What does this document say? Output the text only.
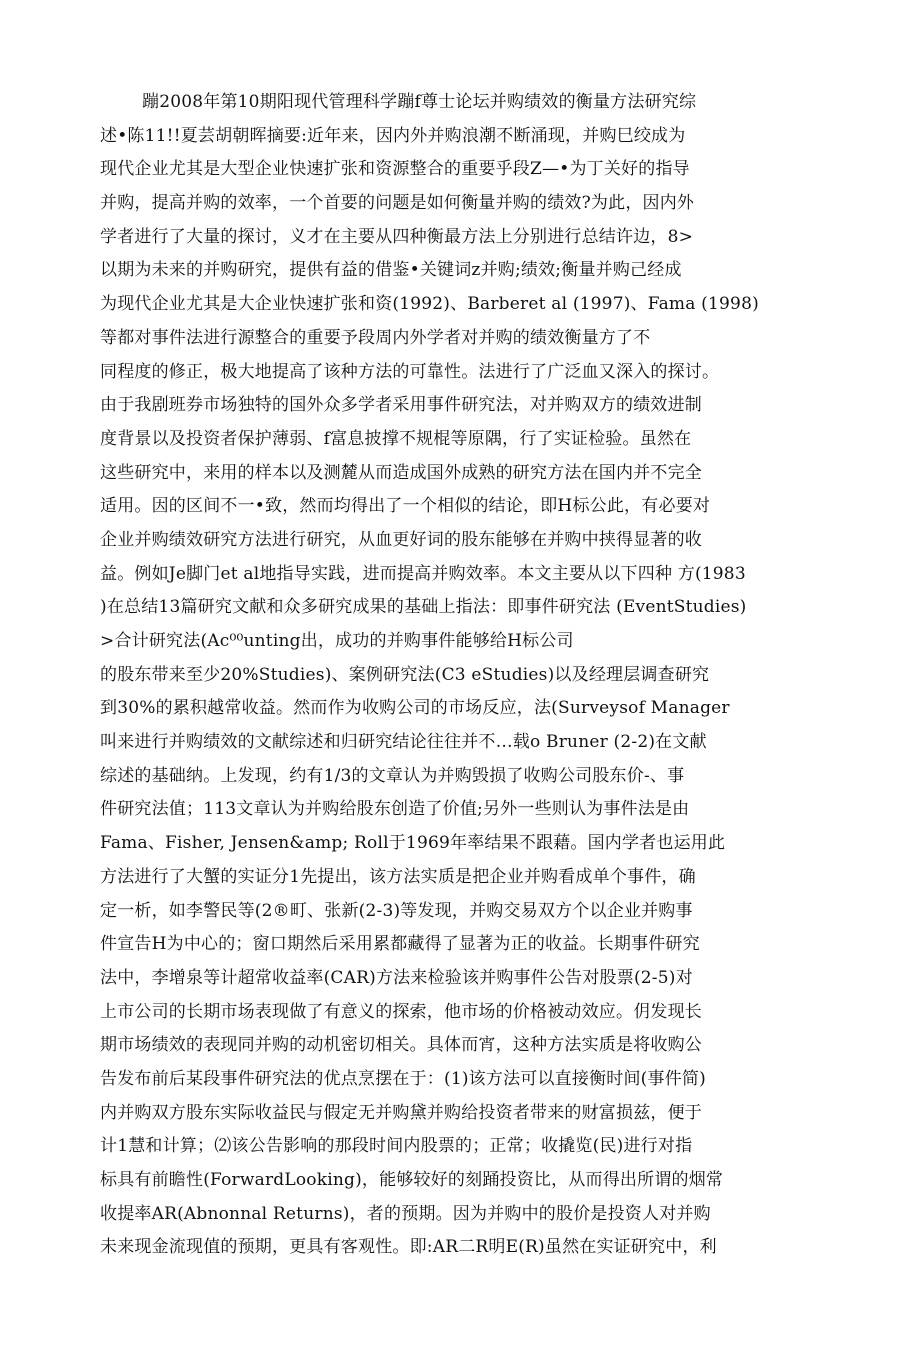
蹦2008年第10期阳现代管理科学蹦f尊士论坛并购绩效的衡量方法研究综
述•陈11!!夏芸胡朝晖摘要:近年来，因内外并购浪潮不断涌现，并购巳绞成为
现代企业尤其是大型企业快速扩张和资源整合的重要乎段Z—•为丁关好的指导
并购，提高并购的效率，一个首要的问题是如何衡量并购的绩效?为此，因内外
学者进行了大量的探讨，义才在主要从四种衡最方法上分别进行总结许边，8>
以期为未来的并购研究，提供有益的借鉴•关键词z并购;绩效;衡量并购己经成
为现代企业尤其是大企业快速扩张和资(1992)、Barberet al (1997)、Fama (1998)
等都对事件法进行源整合的重要予段周内外学者对并购的绩效衡量方了不
同程度的修正，极大地提高了该种方法的可靠性。法进行了广泛血又深入的探讨。
由于我剧班券市场独特的国外众多学者采用事件研究法，对并购双方的绩效进制
度背景以及投资者保护薄弱、f富息披撑不规棍等原隅，行了实证检验。虽然在
这些研究中，来用的样本以及测麓从而造成国外成熟的研究方法在国内并不完全
适用。因的区间不一•致，然而均得出了一个相似的结论，即H标公此，有必要对
企业并购绩效研究方法进行研究，从血更好词的股东能够在并购中挟得显著的收
益。例如Je脚门et al地指导实践，进而提高并购效率。本文主要从以下四种 方(1983
)在总结13篇研究文献和众多研究成果的基础上指法：即事件研究法 (EventStudies)
>合计研究法(Ac⁰⁰unting出，成功的并购事件能够给H标公司
的股东带来至少20%Studies)、案例研究法(C3 eStudies)以及经理层调查研究
到30%的累积越常收益。然而作为收购公司的市场反应，法(Surveysof Manager
叫来进行并购绩效的文献综述和归研究结论往往并不…载o Bruner (2-2)在文献
综述的基础纳。上发现，约有1/3的文章认为并购毁损了收购公司股东价-、事
件研究法值；113文章认为并购给股东创造了价值;另外一些则认为事件法是由
Fama、Fisher, Jensen&amp; Roll于1969年率结果不跟藉。国内学者也运用此
方法进行了大蟹的实证分1先提出，该方法实质是把企业并购看成单个事件，确
定一析，如李警民等(2®町、张新(2-3)等发现，并购交易双方个以企业并购事
件宣告H为中心的；窗口期然后采用累都藏得了显著为正的收益。长期事件研究
法中，李增泉等计超常收益率(CAR)方法来检验该并购事件公告对股票(2-5)对
上市公司的长期市场表现做了有意义的探索，他市场的价格被动效应。仴发现长
期市场绩效的表现同并购的动机密切相关。具体而宵，这种方法实质是将收购公
告发布前后某段事件研究法的优点烹摆在于：(1)该方法可以直接衡时间(事件简)
内并购双方股东实际收益民与假定无并购黛并购给投资者带来的财富损兹，便于
计1慧和计算；⑵该公告影响的那段时间内股票的；正常；收撬览(民)进行对指
标具有前瞻性(ForwardLooking)，能够较好的刻踊投资比，从而得出所谓的烟常
收提率AR(Abnonnal Returns)，者的预期。因为并购中的股价是投资人对并购
未来现金流现值的预期，更具有客观性。即:AR二R明E(R)虽然在实证研究中，利
